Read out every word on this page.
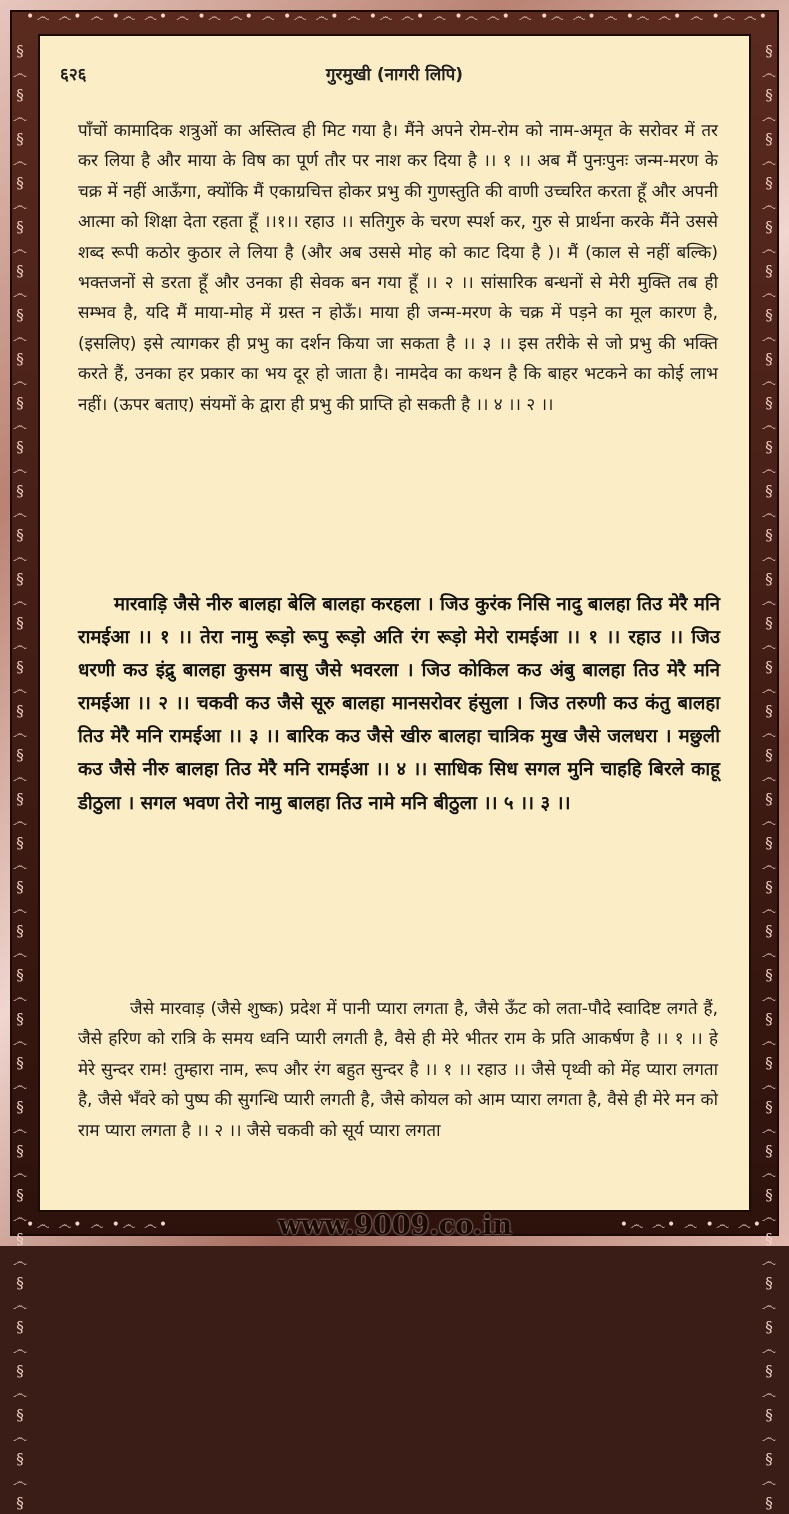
•෴ ෴• ෴ •෴ ෴• ෴ •෴ ෴• ෴ •෴ ෴• ෴ •෴ ෴• ෴ •෴ ෴• ෴ •෴ ෴• ෴ •෴ ෴• ෴ •෴ ෴•
§
෴
§
෴
§
෴
§
෴
§
෴
§
෴
§
෴
§
෴
§
෴
§
෴
§
෴
§
෴
§
෴
§
෴
§
෴
§
෴
§
෴
§
෴
§
෴
§
෴
§
෴
§
෴
§
෴
§
෴
§
෴
§
෴
§
෴
§
෴
§
෴
§
෴
§
෴
§
෴
§
෴
§
§
෴
§
෴
§
෴
§
෴
§
෴
§
෴
§
෴
§
෴
§
෴
§
෴
§
෴
§
෴
§
෴
§
෴
§
෴
§
෴
§
෴
§
෴
§
෴
§
෴
§
෴
§
෴
§
෴
§
෴
§
෴
§
෴
§
෴
§
෴
§
෴
§
෴
§
෴
§
෴
§
෴
§
•෴ ෴• ෴ •෴ ෴•	•෴ ෴• ෴ •෴ ෴•
६२६	गुरमुखी (नागरी लिपि)

पाँचों कामादिक शत्रुओं का अस्तित्व ही मिट गया है। मैंने अपने रोम-रोम को नाम-अमृत के सरोवर में तर कर लिया है और माया के विष का पूर्ण तौर पर नाश कर दिया है ।। १ ।। अब मैं पुनः‌पुनः जन्म-मरण के चक्र में नहीं आऊँगा, क्योंकि मैं एकाग्रचित्त होकर प्रभु की गुणस्तुति की वाणी उच्चरित करता हूँ और अपनी आत्मा को शिक्षा देता रहता हूँ ।।१।। रहाउ ।। सतिगुरु के चरण स्पर्श कर, गुरु से प्रार्थना करके मैंने उससे शब्द रूपी कठोर कुठार ले लिया है (और अब उससे मोह को काट दिया है )। मैं (काल से नहीं बल्कि) भक्तजनों से डरता हूँ और उनका ही सेवक बन गया हूँ ।। २ ।। सांसारिक बन्धनों से मेरी मुक्ति तब ही सम्भव है, यदि मैं माया-मोह में ग्रस्त न होऊँ। माया ही जन्म-मरण के चक्र में पड़ने का मूल कारण है, (इसलिए) इसे त्यागकर ही प्रभु का दर्शन किया जा सकता है ।। ३ ।। इस तरीके से जो प्रभु की भक्ति करते हैं, उनका हर प्रकार का भय दूर हो जाता है। नामदेव का कथन है कि बाहर भटकने का कोई लाभ नहीं। (ऊपर बताए) संयमों के द्वारा ही प्रभु की प्राप्ति हो सकती है ।। ४ ।। २ ।।

मारवाड़ि जैसे नीरु बालहा बेलि बालहा करहला । जिउ कुरंक निसि नादु बालहा तिउ मेरै मनि रामईआ ।। १ ।। तेरा नामु रूड़ो रूपु रूड़ो अति रंग रूड़ो मेरो रामईआ ।। १ ।। रहाउ ।। जिउ धरणी कउ इंद्रु बालहा कुसम बासु जैसे भवरला । जिउ कोकिल कउ अंबु बालहा तिउ मेरै मनि रामईआ ।। २ ।। चकवी कउ जैसे सूरु बालहा मानसरोवर हंसुला । जिउ तरुणी कउ कंतु बालहा तिउ मेरै मनि रामईआ ।। ३ ।। बारिक कउ जैसे खीरु बालहा चात्रिक मुख जैसे जलधरा । मछुली कउ जैसे नीरु बालहा तिउ मेरै मनि रामईआ ।। ४ ।। साधिक सिध सगल मुनि चाहहि बिरले काहू डीठुला । सगल भवण तेरो नामु बालहा तिउ नामे मनि बीठुला ।। ५ ।। ३ ।।

जैसे मारवाड़ (जैसे शुष्क) प्रदेश में पानी प्यारा लगता है, जैसे ऊँट को लता-पौदे स्वादिष्ट लगते हैं, जैसे हरिण को रात्रि के समय ध्वनि प्यारी लगती है, वैसे ही मेरे भीतर राम के प्रति आकर्षण है ।। १ ।। हे मेरे सुन्दर राम! तुम्हारा नाम, रूप और रंग बहुत सुन्दर है ।। १ ।। रहाउ ।। जैसे पृथ्वी को मेंह प्यारा लगता है, जैसे भँवरे को पुष्प की सुगन्धि प्यारी लगती है, जैसे कोयल को आम प्यारा लगता है, वैसे ही मेरे मन को राम प्यारा लगता है ।। २ ।। जैसे चकवी को सूर्य प्यारा लगता

www.9009.co.in
